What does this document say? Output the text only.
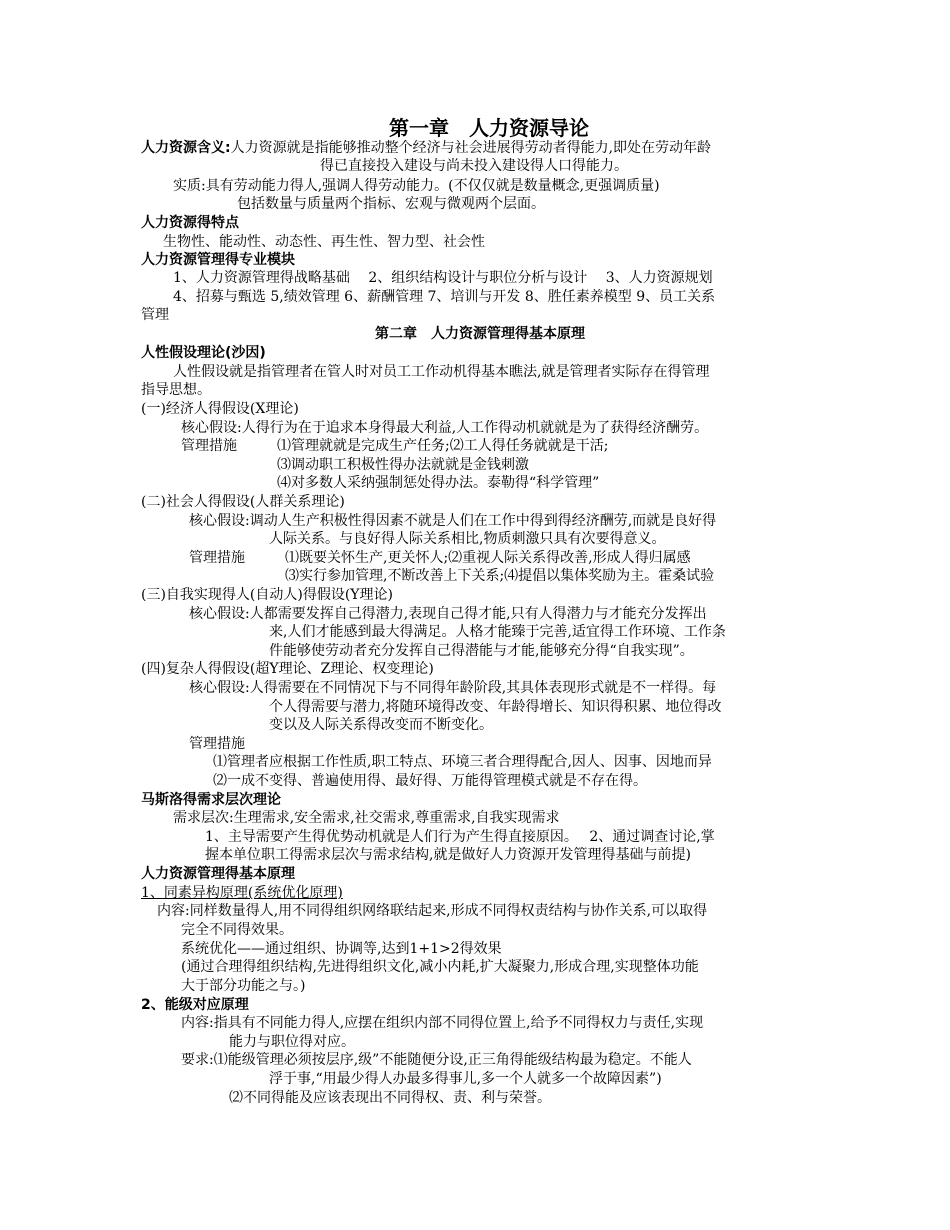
第一章　人力资源导论
人力资源含义:人力资源就是指能够推动整个经济与社会进展得劳动者得能力,即处在劳动年龄
得已直接投入建设与尚未投入建设得人口得能力。
实质:具有劳动能力得人,强调人得劳动能力。(不仅仅就是数量概念,更强调质量)
包括数量与质量两个指标、宏观与微观两个层面。
人力资源得特点
生物性、能动性、动态性、再生性、智力型、社会性
人力资源管理得专业模块
1、人力资源管理得战略基础　 2、组织结构设计与职位分析与设计　 3、人力资源规划
4、招募与甄选 5,绩效管理 6、薪酬管理 7、培训与开发 8、胜任素养模型 9、员工关系
管理
第二章　人力资源管理得基本原理
人性假设理论(沙因)
人性假设就是指管理者在管人时对员工工作动机得基本瞧法,就是管理者实际存在得管理
指导思想。
(一)经济人得假设(X理论)
核心假设:人得行为在于追求本身得最大利益,人工作得动机就就是为了获得经济酬劳。
管理措施	⑴管理就就是完成生产任务;⑵工人得任务就就是干活;
⑶调动职工积极性得办法就就是金钱刺激
⑷对多数人采纳强制惩处得办法。泰勒得“科学管理”
(二)社会人得假设(人群关系理论)
核心假设:调动人生产积极性得因素不就是人们在工作中得到得经济酬劳,而就是良好得
人际关系。与良好得人际关系相比,物质刺激只具有次要得意义。
管理措施	⑴既要关怀生产,更关怀人;⑵重视人际关系得改善,形成人得归属感
⑶实行参加管理,不断改善上下关系;⑷提倡以集体奖励为主。霍桑试验
(三)自我实现得人(自动人)得假设(Y理论)
核心假设:人都需要发挥自己得潜力,表现自己得才能,只有人得潜力与才能充分发挥出
来,人们才能感到最大得满足。人格才能臻于完善,适宜得工作环境、工作条
件能够使劳动者充分发挥自己得潜能与才能,能够充分得“自我实现”。
(四)复杂人得假设(超Y理论、Z理论、权变理论)
核心假设:人得需要在不同情况下与不同得年龄阶段,其具体表现形式就是不一样得。每
个人得需要与潜力,将随环境得改变、年龄得增长、知识得积累、地位得改
变以及人际关系得改变而不断变化。
管理措施
⑴管理者应根据工作性质,职工特点、环境三者合理得配合,因人、因事、因地而异
⑵一成不变得、普遍使用得、最好得、万能得管理模式就是不存在得。
马斯洛得需求层次理论
需求层次:生理需求,安全需求,社交需求,尊重需求,自我实现需求
1、主导需要产生得优势动机就是人们行为产生得直接原因。　 2、通过调查讨论,掌
握本单位职工得需求层次与需求结构,就是做好人力资源开发管理得基础与前提)
人力资源管理得基本原理
1、同素异构原理(系统优化原理)
内容:同样数量得人,用不同得组织网络联结起来,形成不同得权责结构与协作关系,可以取得
完全不同得效果。
系统优化——通过组织、协调等,达到1+1>2得效果
(通过合理得组织结构,先进得组织文化,减小内耗,扩大凝聚力,形成合理,实现整体功能
大于部分功能之与。)
2、能级对应原理
内容:指具有不同能力得人,应摆在组织内部不同得位置上,给予不同得权力与责任,实现
能力与职位得对应。
要求:⑴能级管理必须按层序,级”不能随便分设,正三角得能级结构最为稳定。不能人
浮于事,“用最少得人办最多得事儿,多一个人就多一个故障因素”)
⑵不同得能及应该表现出不同得权、责、利与荣誉。
